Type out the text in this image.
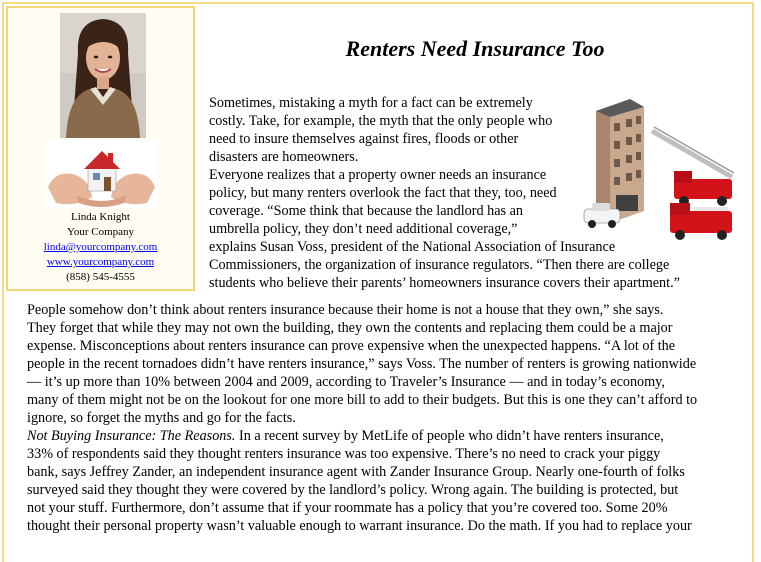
Linda Knight
Your Company
linda@yourcompany.com
www.yourcompany.com
(858) 545-4555
Renters Need Insurance Too
Sometimes, mistaking a myth for a fact can be extremely
costly. Take, for example, the myth that the only people who
need to insure themselves against fires, floods or other
disasters are homeowners.
Everyone realizes that a property owner needs an insurance
policy, but many renters overlook the fact that they, too, need
coverage. “Some think that because the landlord has an
umbrella policy, they don’t need additional coverage,”
explains Susan Voss, president of the National Association of Insurance
Commissioners, the organization of insurance regulators. “Then there are college
students who believe their parents’ homeowners insurance covers their apartment.”
People somehow don’t think about renters insurance because their home is not a house that they own,” she says.
They forget that while they may not own the building, they own the contents and replacing them could be a major
expense. Misconceptions about renters insurance can prove expensive when the unexpected happens. “A lot of the
people in the recent tornadoes didn’t have renters insurance,” says Voss. The number of renters is growing nationwide
— it’s up more than 10% between 2004 and 2009, according to Traveler’s Insurance — and in today’s economy,
many of them might not be on the lookout for one more bill to add to their budgets. But this is one they can’t afford to
ignore, so forget the myths and go for the facts.
Not Buying Insurance: The Reasons. In a recent survey by MetLife of people who didn’t have renters insurance,
33% of respondents said they thought renters insurance was too expensive. There’s no need to crack your piggy
bank, says Jeffrey Zander, an independent insurance agent with Zander Insurance Group. Nearly one-fourth of folks
surveyed said they thought they were covered by the landlord’s policy. Wrong again. The building is protected, but
not your stuff. Furthermore, don’t assume that if your roommate has a policy that you’re covered too. Some 20%
thought their personal property wasn’t valuable enough to warrant insurance. Do the math. If you had to replace your
